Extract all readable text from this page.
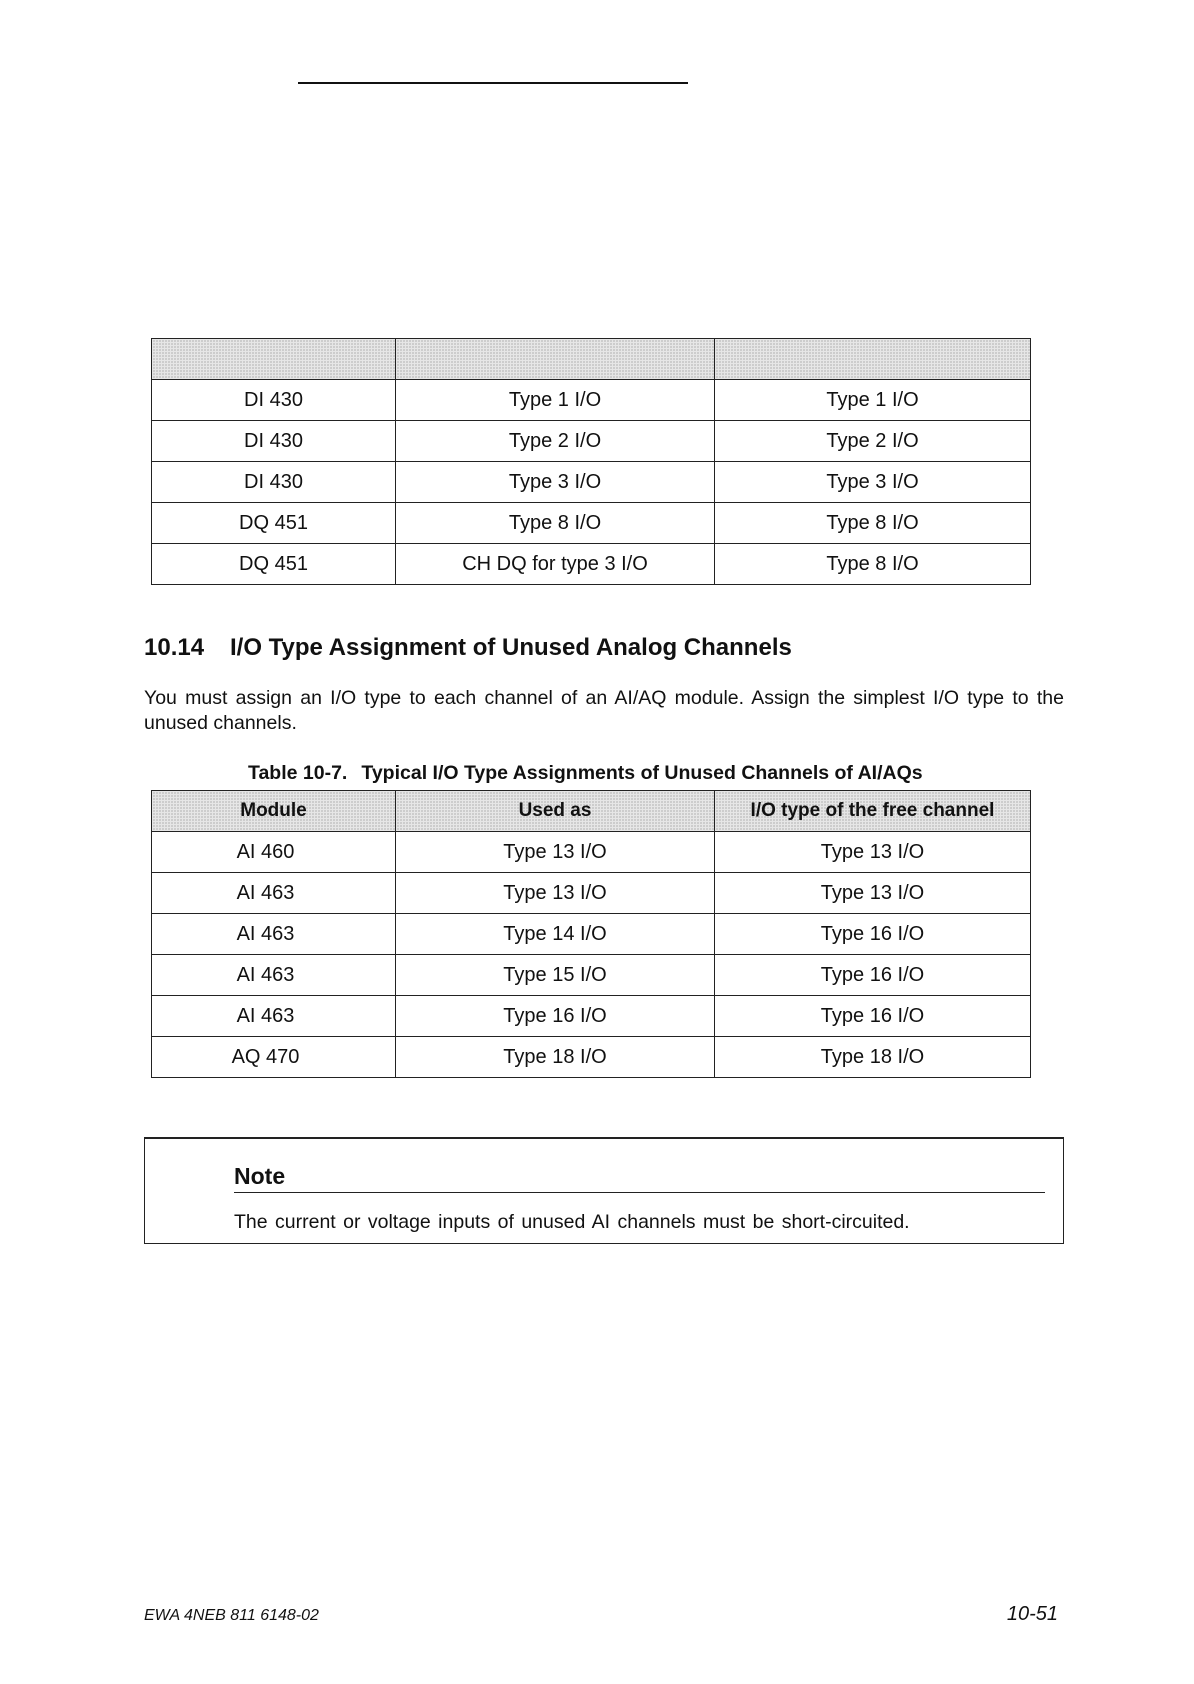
DI 430	Type 1 I/O	Type 1 I/O
DI 430	Type 2 I/O	Type 2 I/O
DI 430	Type 3 I/O	Type 3 I/O
DQ 451	Type 8 I/O	Type 8 I/O
DQ 451	CH DQ for type 3 I/O	Type 8 I/O
10.14 I/O Type Assignment of Unused Analog Channels

You must assign an I/O type to each channel of an AI/AQ module. Assign the simplest I/O type to the unused channels.

Table 10-7. Typical I/O Type Assignments of Unused Channels of AI/AQs

Module	Used as	I/O type of the free channel
AI 460	Type 13 I/O	Type 13 I/O
AI 463	Type 13 I/O	Type 13 I/O
AI 463	Type 14 I/O	Type 16 I/O
AI 463	Type 15 I/O	Type 16 I/O
AI 463	Type 16 I/O	Type 16 I/O
AQ 470	Type 18 I/O	Type 18 I/O

Note

The current or voltage inputs of unused AI channels must be short-circuited.

EWA 4NEB 811 6148-02	10-51
